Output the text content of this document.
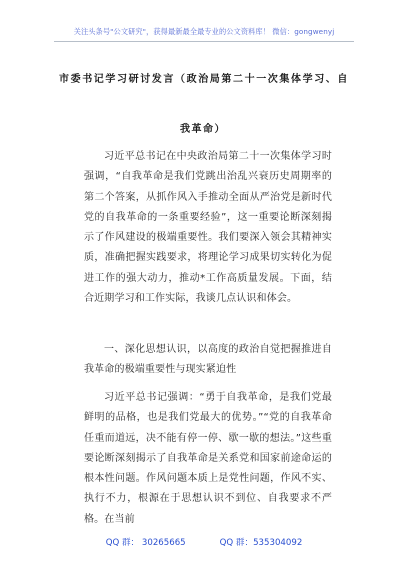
关注头条号"公文研究"，获得最新最全最专业的公文资料库！ 微信：gongwenyj
市委书记学习研讨发言（政治局第二十一次集体学习、自
我革命）

习近平总书记在中央政治局第二十一次集体学习时强调，“自我革命是我们党跳出治乱兴衰历史周期率的第二个答案，从抓作风入手推动全面从严治党是新时代党的自我革命的一条重要经验”，这一重要论断深刻揭示了作风建设的极端重要性。我们要深入领会其精神实质，准确把握实践要求，将理论学习成果切实转化为促进工作的强大动力，推动*工作高质量发展。下面，结合近期学习和工作实际，我谈几点认识和体会。

一、深化思想认识，以高度的政治自觉把握推进自我革命的极端重要性与现实紧迫性

习近平总书记强调：“勇于自我革命，是我们党最鲜明的品格，也是我们党最大的优势。”“党的自我革命任重而道远，决不能有停一停、歇一歇的想法。”这些重要论断深刻揭示了自我革命是关系党和国家前途命运的根本性问题。作风问题本质上是党性问题，作风不实、执行不力，根源在于思想认识不到位、自我要求不严格。在当前

QQ 群： 30265665	QQ 群：535304092
